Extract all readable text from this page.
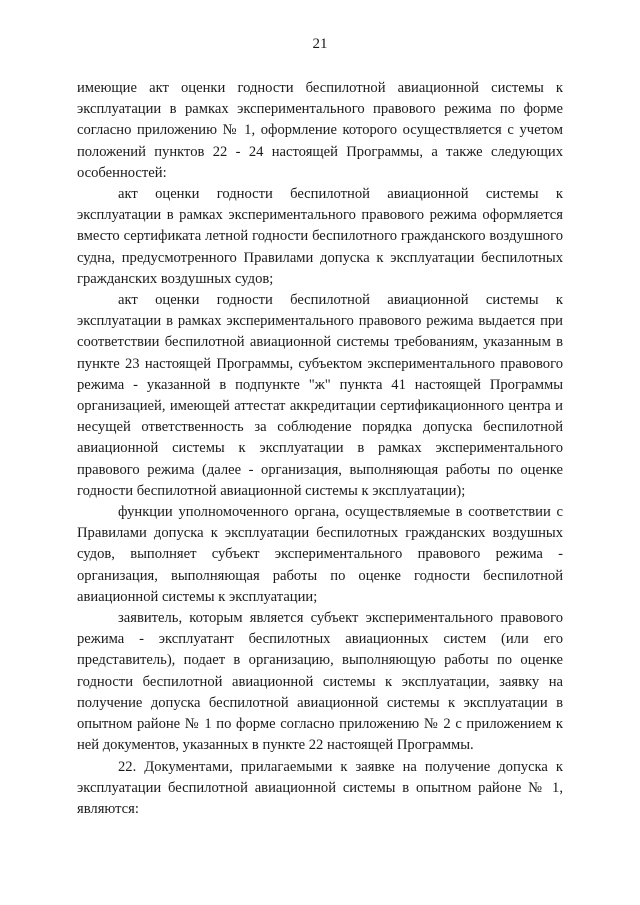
21

имеющие акт оценки годности беспилотной авиационной системы к эксплуатации в рамках экспериментального правового режима по форме согласно приложению № 1, оформление которого осуществляется с учетом положений пунктов 22 - 24 настоящей Программы, а также следующих особенностей:

акт оценки годности беспилотной авиационной системы к эксплуатации в рамках экспериментального правового режима оформляется вместо сертификата летной годности беспилотного гражданского воздушного судна, предусмотренного Правилами допуска к эксплуатации беспилотных гражданских воздушных судов;

акт оценки годности беспилотной авиационной системы к эксплуатации в рамках экспериментального правового режима выдается при соответствии беспилотной авиационной системы требованиям, указанным в пункте 23 настоящей Программы, субъектом экспериментального правового режима - указанной в подпункте "ж" пункта 41 настоящей Программы организацией, имеющей аттестат аккредитации сертификационного центра и несущей ответственность за соблюдение порядка допуска беспилотной авиационной системы к эксплуатации в рамках экспериментального правового режима (далее - организация, выполняющая работы по оценке годности беспилотной авиационной системы к эксплуатации);

функции уполномоченного органа, осуществляемые в соответствии с Правилами допуска к эксплуатации беспилотных гражданских воздушных судов, выполняет субъект экспериментального правового режима - организация, выполняющая работы по оценке годности беспилотной авиационной системы к эксплуатации;

заявитель, которым является субъект экспериментального правового режима - эксплуатант беспилотных авиационных систем (или его представитель), подает в организацию, выполняющую работы по оценке годности беспилотной авиационной системы к эксплуатации, заявку на получение допуска беспилотной авиационной системы к эксплуатации в опытном районе № 1 по форме согласно приложению № 2 с приложением к ней документов, указанных в пункте 22 настоящей Программы.

22. Документами, прилагаемыми к заявке на получение допуска к эксплуатации беспилотной авиационной системы в опытном районе № 1, являются:
